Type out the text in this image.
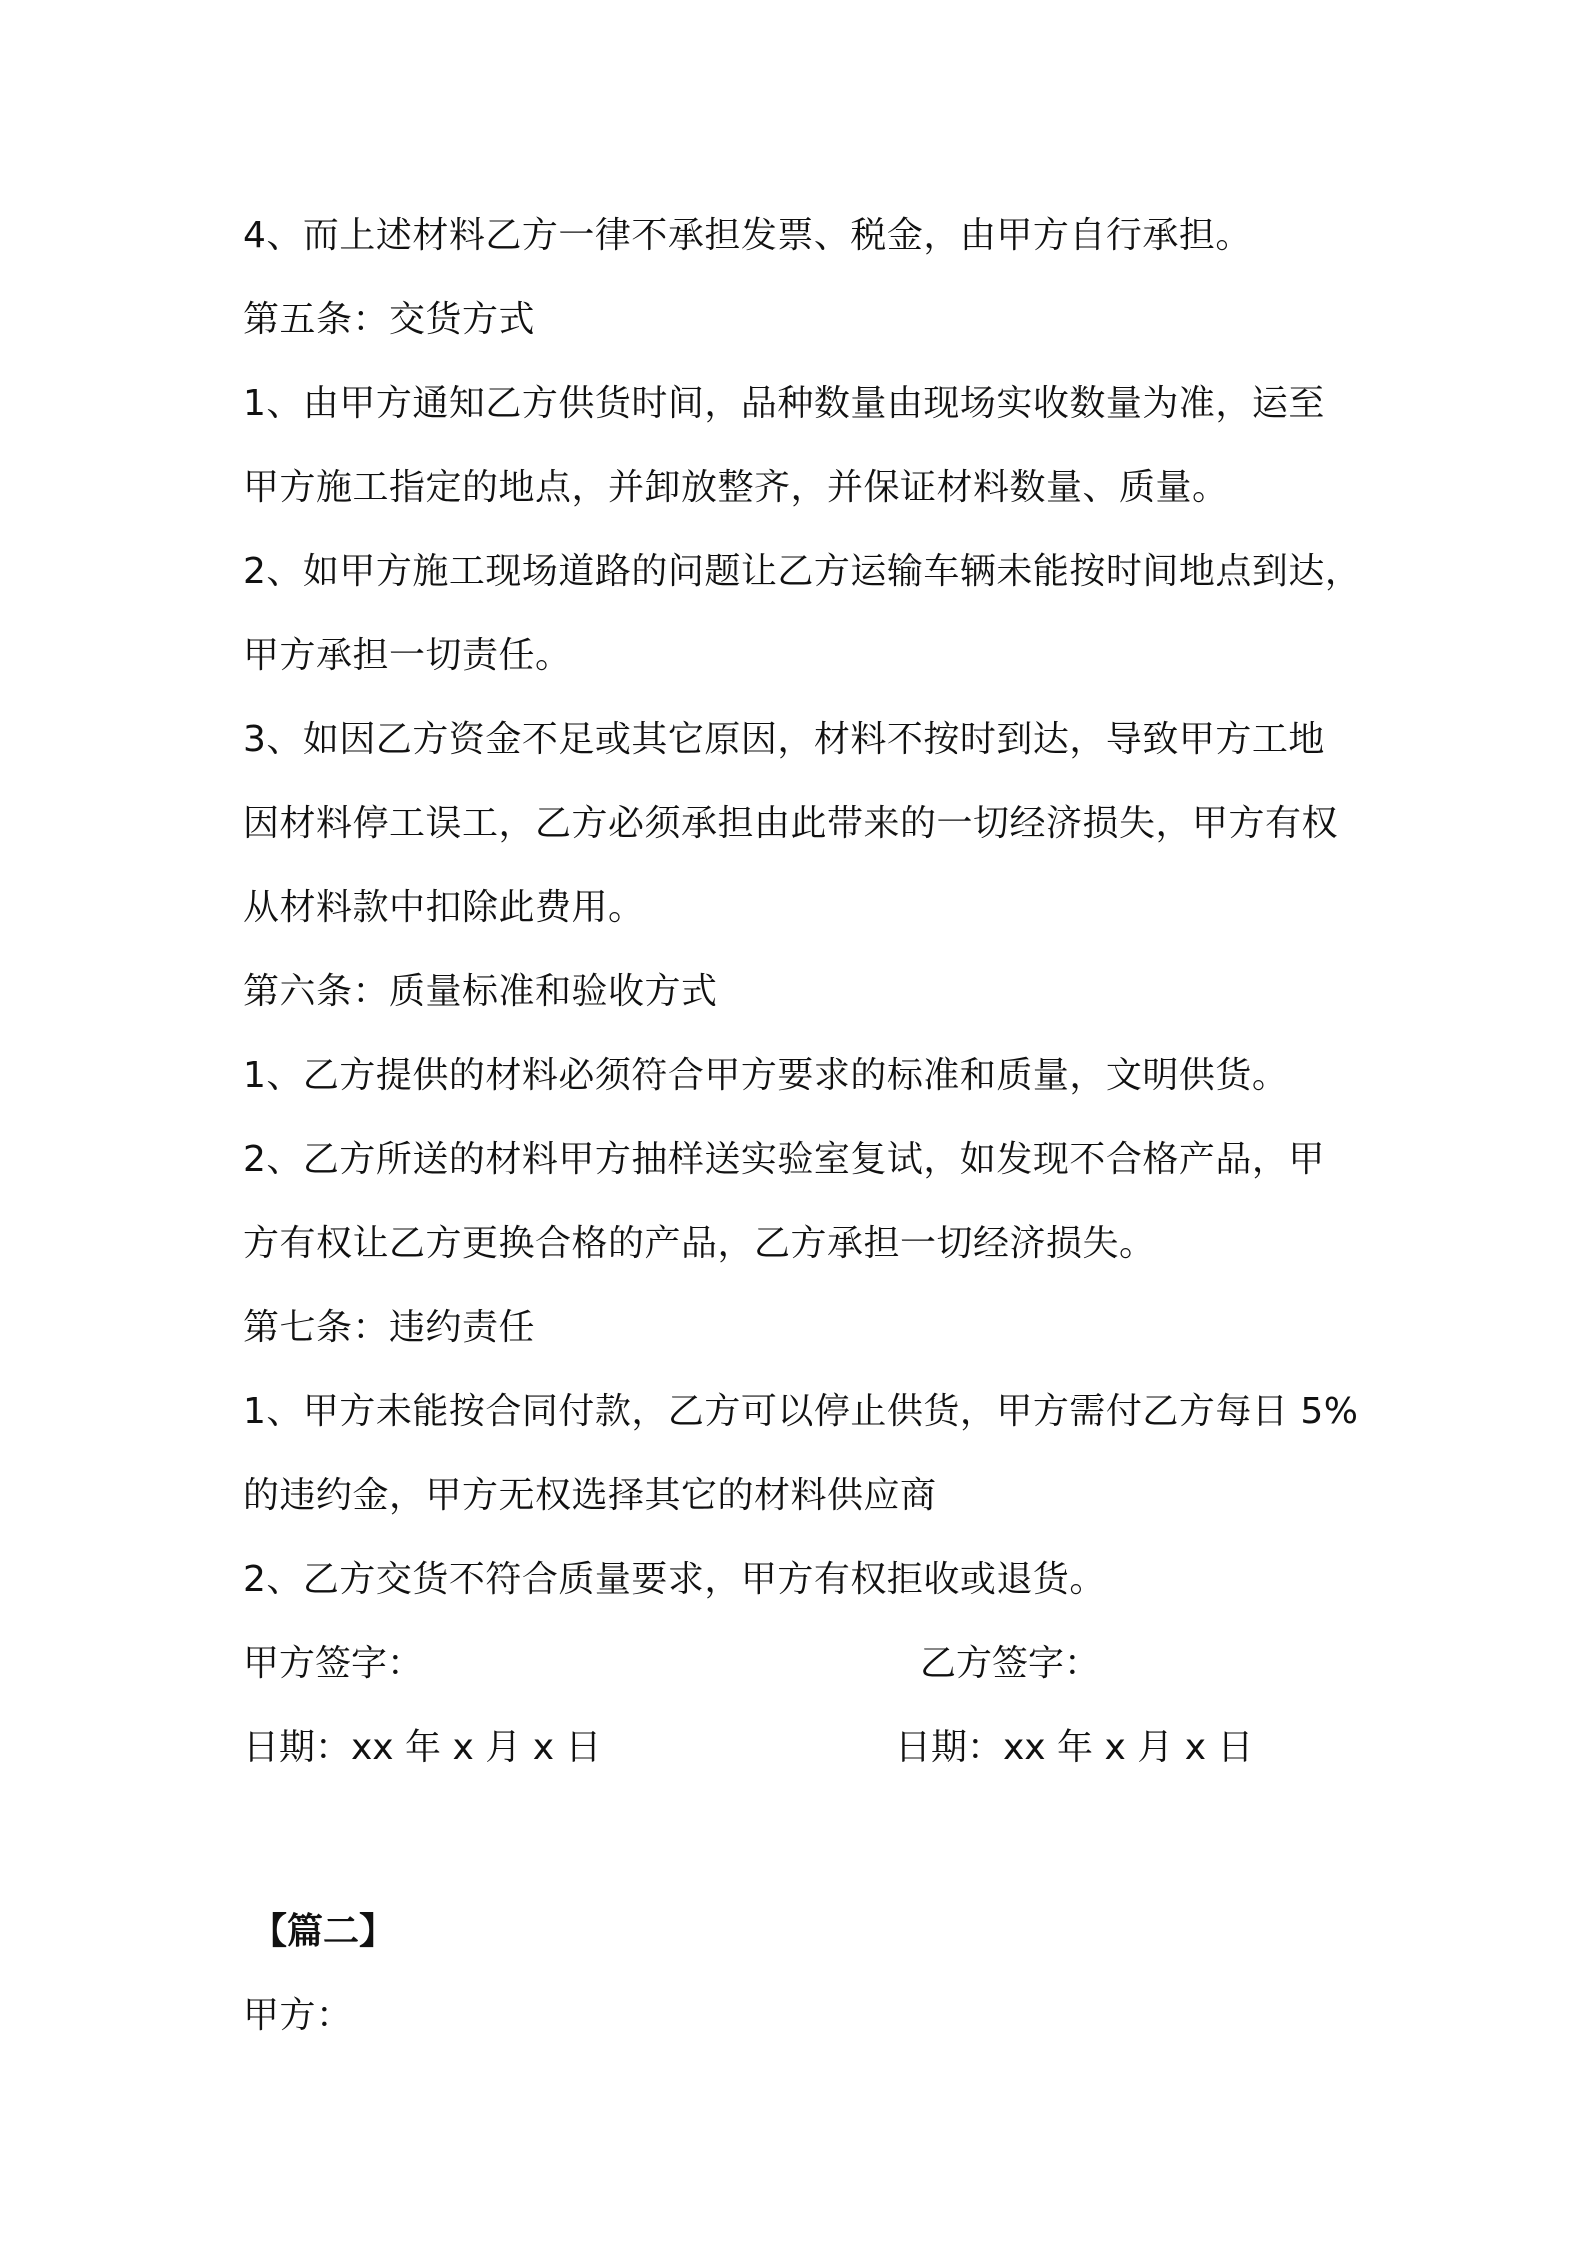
4、而上述材料乙方一律不承担发票、税金，由甲方自行承担。
第五条：交货方式
1、由甲方通知乙方供货时间，品种数量由现场实收数量为准，运至
甲方施工指定的地点，并卸放整齐，并保证材料数量、质量。
2、如甲方施工现场道路的问题让乙方运输车辆未能按时间地点到达，
甲方承担一切责任。
3、如因乙方资金不足或其它原因，材料不按时到达，导致甲方工地
因材料停工误工，乙方必须承担由此带来的一切经济损失，甲方有权
从材料款中扣除此费用。
第六条：质量标准和验收方式
1、乙方提供的材料必须符合甲方要求的标准和质量，文明供货。
2、乙方所送的材料甲方抽样送实验室复试，如发现不合格产品，甲
方有权让乙方更换合格的产品，乙方承担一切经济损失。
第七条：违约责任
1、甲方未能按合同付款，乙方可以停止供货，甲方需付乙方每日 5%
的违约金，甲方无权选择其它的材料供应商
2、乙方交货不符合质量要求，甲方有权拒收或退货。
甲方签字：	乙方签字：
日期：xx 年 x 月 x 日	日期：xx 年 x 月 x 日
【篇二】
甲方：
